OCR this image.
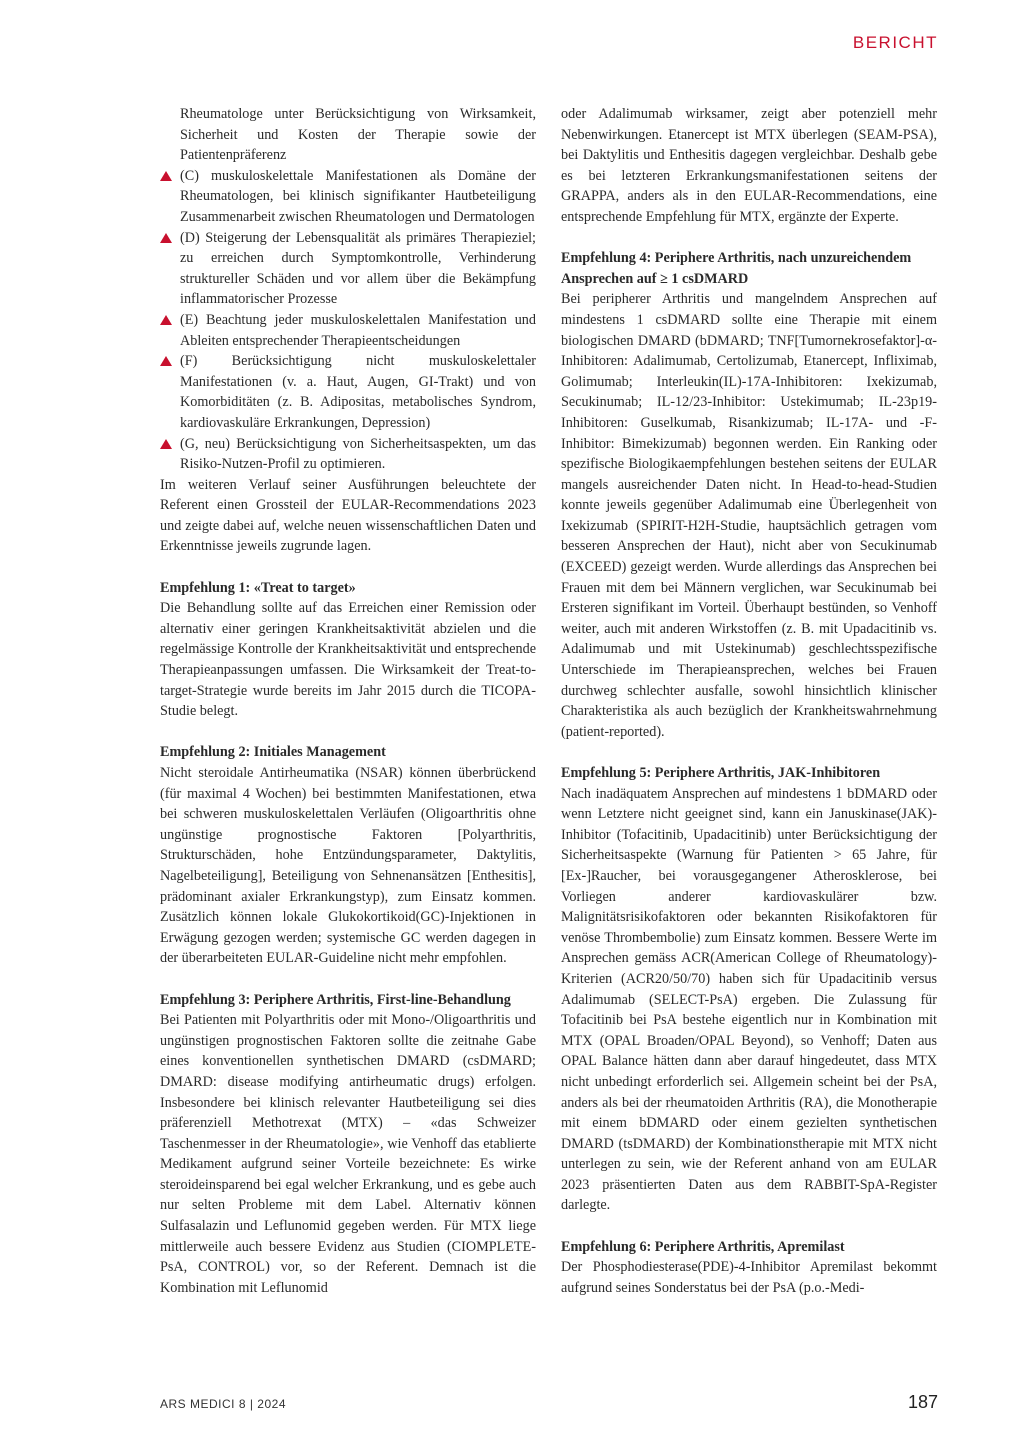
BERICHT

Rheumatologe unter Berücksichtigung von Wirksamkeit, Sicherheit und Kosten der Therapie sowie der Patientenpräferenz

(C) muskuloskelettale Manifestationen als Domäne der Rheumatologen, bei klinisch signifikanter Hautbeteiligung Zusammenarbeit zwischen Rheumatologen und Dermatologen
(D) Steigerung der Lebensqualität als primäres Therapieziel; zu erreichen durch Symptomkontrolle, Verhinderung struktureller Schäden und vor allem über die Bekämpfung inflammatorischer Prozesse
(E) Beachtung jeder muskuloskelettalen Manifestation und Ableiten entsprechender Therapieentscheidungen
(F) Berücksichtigung nicht muskuloskelettaler Manifestationen (v. a. Haut, Augen, GI-Trakt) und von Komorbiditäten (z. B. Adipositas, metabolisches Syndrom, kardiovaskuläre Erkrankungen, Depression)
(G, neu) Berücksichtigung von Sicherheitsaspekten, um das Risiko-Nutzen-Profil zu optimieren.

Im weiteren Verlauf seiner Ausführungen beleuchtete der Referent einen Grossteil der EULAR-Recommendations 2023 und zeigte dabei auf, welche neuen wissenschaftlichen Daten und Erkenntnisse jeweils zugrunde lagen.

Empfehlung 1: «Treat to target»

Die Behandlung sollte auf das Erreichen einer Remission oder alternativ einer geringen Krankheitsaktivität abzielen und die regelmässige Kontrolle der Krankheitsaktivität und entsprechende Therapieanpassungen umfassen. Die Wirksamkeit der Treat-to-target-Strategie wurde bereits im Jahr 2015 durch die TICOPA-Studie belegt.

Empfehlung 2: Initiales Management

Nicht steroidale Antirheumatika (NSAR) können überbrückend (für maximal 4 Wochen) bei bestimmten Manifestationen, etwa bei schweren muskuloskelettalen Verläufen (Oligoarthritis ohne ungünstige prognostische Faktoren [Polyarthritis, Strukturschäden, hohe Entzündungsparameter, Daktylitis, Nagelbeteiligung], Beteiligung von Sehnenansätzen [Enthesitis], prädominant axialer Erkrankungstyp), zum Einsatz kommen. Zusätzlich können lokale Glukokortikoid(GC)-Injektionen in Erwägung gezogen werden; systemische GC werden dagegen in der überarbeiteten EULAR-Guideline nicht mehr empfohlen.

Empfehlung 3: Periphere Arthritis, First-line-Behandlung

Bei Patienten mit Polyarthritis oder mit Mono-/Oligoarthritis und ungünstigen prognostischen Faktoren sollte die zeitnahe Gabe eines konventionellen synthetischen DMARD (csDMARD; DMARD: disease modifying antirheumatic drugs) erfolgen. Insbesondere bei klinisch relevanter Hautbeteiligung sei dies präferenziell Methotrexat (MTX) – «das Schweizer Taschenmesser in der Rheumatologie», wie Venhoff das etablierte Medikament aufgrund seiner Vorteile bezeichnete: Es wirke steroideinsparend bei egal welcher Erkrankung, und es gebe auch nur selten Probleme mit dem Label. Alternativ können Sulfasalazin und Leflunomid gegeben werden. Für MTX liege mittlerweile auch bessere Evidenz aus Studien (CIOMPLETE-PsA, CONTROL) vor, so der Referent. Demnach ist die Kombination mit Leflunomid

oder Adalimumab wirksamer, zeigt aber potenziell mehr Nebenwirkungen. Etanercept ist MTX überlegen (SEAM-PSA), bei Daktylitis und Enthesitis dagegen vergleichbar. Deshalb gebe es bei letzteren Erkrankungsmanifestationen seitens der GRAPPA, anders als in den EULAR-Recommendations, eine entsprechende Empfehlung für MTX, ergänzte der Experte.

Empfehlung 4: Periphere Arthritis, nach unzureichendem Ansprechen auf ≥ 1 csDMARD

Bei peripherer Arthritis und mangelndem Ansprechen auf mindestens 1 csDMARD sollte eine Therapie mit einem biologischen DMARD (bDMARD; TNF[Tumornekrosefaktor]-α-Inhibitoren: Adalimumab, Certolizumab, Etanercept, Infliximab, Golimumab; Interleukin(IL)-17A-Inhibitoren: Ixekizumab, Secukinumab; IL-12/23-Inhibitor: Ustekimumab; IL-23p19-Inhibitoren: Guselkumab, Risankizumab; IL-17A- und -F-Inhibitor: Bimekizumab) begonnen werden. Ein Ranking oder spezifische Biologikaempfehlungen bestehen seitens der EULAR mangels ausreichender Daten nicht. In Head-to-head-Studien konnte jeweils gegenüber Adalimumab eine Überlegenheit von Ixekizumab (SPIRIT-H2H-Studie, hauptsächlich getragen vom besseren Ansprechen der Haut), nicht aber von Secukinumab (EXCEED) gezeigt werden. Wurde allerdings das Ansprechen bei Frauen mit dem bei Männern verglichen, war Secukinumab bei Ersteren signifikant im Vorteil. Überhaupt bestünden, so Venhoff weiter, auch mit anderen Wirkstoffen (z. B. mit Upadacitinib vs. Adalimumab und mit Ustekinumab) geschlechtsspezifische Unterschiede im Therapieansprechen, welches bei Frauen durchweg schlechter ausfalle, sowohl hinsichtlich klinischer Charakteristika als auch bezüglich der Krankheitswahrnehmung (patient-reported).

Empfehlung 5: Periphere Arthritis, JAK-Inhibitoren

Nach inadäquatem Ansprechen auf mindestens 1 bDMARD oder wenn Letztere nicht geeignet sind, kann ein Januskinase(JAK)-Inhibitor (Tofacitinib, Upadacitinib) unter Berücksichtigung der Sicherheitsaspekte (Warnung für Patienten > 65 Jahre, für [Ex-]Raucher, bei vorausgegangener Atherosklerose, bei Vorliegen anderer kardiovaskulärer bzw. Malignitätsrisikofaktoren oder bekannten Risikofaktoren für venöse Thrombembolie) zum Einsatz kommen. Bessere Werte im Ansprechen gemäss ACR(American College of Rheumatology)-Kriterien (ACR20/50/70) haben sich für Upadacitinib versus Adalimumab (SELECT-PsA) ergeben. Die Zulassung für Tofacitinib bei PsA bestehe eigentlich nur in Kombination mit MTX (OPAL Broaden/OPAL Beyond), so Venhoff; Daten aus OPAL Balance hätten dann aber darauf hingedeutet, dass MTX nicht unbedingt erforderlich sei. Allgemein scheint bei der PsA, anders als bei der rheumatoiden Arthritis (RA), die Monotherapie mit einem bDMARD oder einem gezielten synthetischen DMARD (tsDMARD) der Kombinationstherapie mit MTX nicht unterlegen zu sein, wie der Referent anhand von am EULAR 2023 präsentierten Daten aus dem RABBIT-SpA-Register darlegte.

Empfehlung 6: Periphere Arthritis, Apremilast

Der Phosphodiesterase(PDE)-4-Inhibitor Apremilast bekommt aufgrund seines Sonderstatus bei der PsA (p.o.-Medi-

ARS MEDICI 8 | 2024	187
